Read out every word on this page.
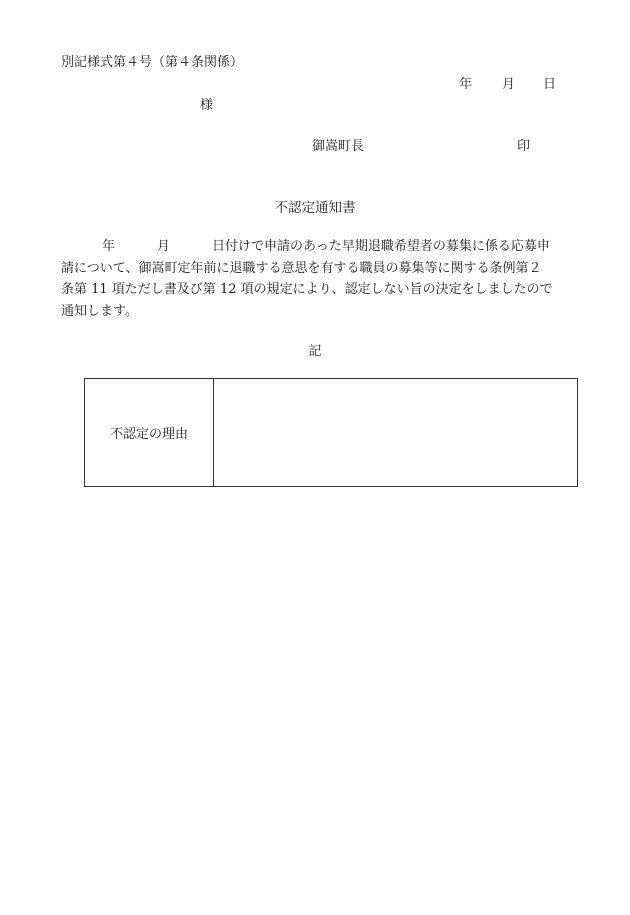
別記様式第４号（第４条関係）
年 月 日
様
御嵩町長	印
不認定通知書
年	月	日付けで申請のあった早期退職希望者の募集に係る応募申
請について、御嵩町定年前に退職する意思を有する職員の募集等に関する条例第２
条第 11 項ただし書及び第 12 項の規定により、認定しない旨の決定をしましたので
通知します。
記
不認定の理由	
